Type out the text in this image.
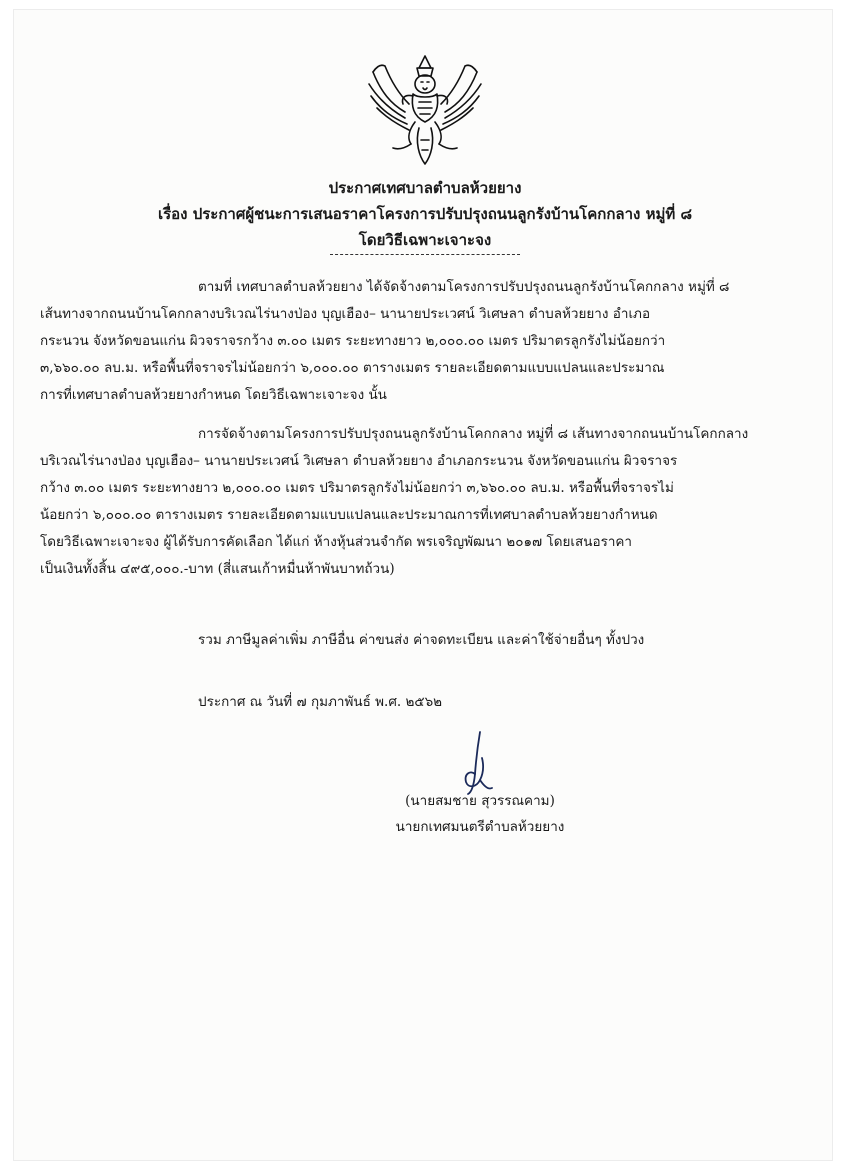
ประกาศเทศบาลตำบลห้วยยาง
เรื่อง ประกาศผู้ชนะการเสนอราคาโครงการปรับปรุงถนนลูกรังบ้านโคกกลาง หมู่ที่ ๘
โดยวิธีเฉพาะเจาะจง
ตามที่ เทศบาลตำบลห้วยยาง ได้จัดจ้างตามโครงการปรับปรุงถนนลูกรังบ้านโคกกลาง หมู่ที่ ๘
เส้นทางจากถนนบ้านโคกกลางบริเวณไร่นางป่อง บุญเฮือง– นานายประเวศน์ วิเศษลา ตำบลห้วยยาง อำเภอ
กระนวน จังหวัดขอนแก่น ผิวจราจรกว้าง ๓.๐๐ เมตร ระยะทางยาว ๒,๐๐๐.๐๐ เมตร ปริมาตรลูกรังไม่น้อยกว่า
๓,๖๖๐.๐๐ ลบ.ม. หรือพื้นที่จราจรไม่น้อยกว่า ๖,๐๐๐.๐๐ ตารางเมตร รายละเอียดตามแบบแปลนและประมาณ
การที่เทศบาลตำบลห้วยยางกำหนด โดยวิธีเฉพาะเจาะจง นั้น
การจัดจ้างตามโครงการปรับปรุงถนนลูกรังบ้านโคกกลาง หมู่ที่ ๘ เส้นทางจากถนนบ้านโคกกลาง
บริเวณไร่นางป่อง บุญเฮือง– นานายประเวศน์ วิเศษลา ตำบลห้วยยาง อำเภอกระนวน จังหวัดขอนแก่น ผิวจราจร
กว้าง ๓.๐๐ เมตร ระยะทางยาว ๒,๐๐๐.๐๐ เมตร ปริมาตรลูกรังไม่น้อยกว่า ๓,๖๖๐.๐๐ ลบ.ม. หรือพื้นที่จราจรไม่
น้อยกว่า ๖,๐๐๐.๐๐ ตารางเมตร รายละเอียดตามแบบแปลนและประมาณการที่เทศบาลตำบลห้วยยางกำหนด
โดยวิธีเฉพาะเจาะจง ผู้ได้รับการคัดเลือก ได้แก่ ห้างหุ้นส่วนจำกัด พรเจริญพัฒนา ๒๐๑๗ โดยเสนอราคา
เป็นเงินทั้งสิ้น ๔๙๕,๐๐๐.-บาท (สี่แสนเก้าหมื่นห้าพันบาทถ้วน)
รวม ภาษีมูลค่าเพิ่ม ภาษีอื่น ค่าขนส่ง ค่าจดทะเบียน และค่าใช้จ่ายอื่นๆ ทั้งปวง
ประกาศ ณ วันที่ ๗ กุมภาพันธ์ พ.ศ. ๒๕๖๒
(นายสมชาย สุวรรณคาม)
นายกเทศมนตรีตำบลห้วยยาง
